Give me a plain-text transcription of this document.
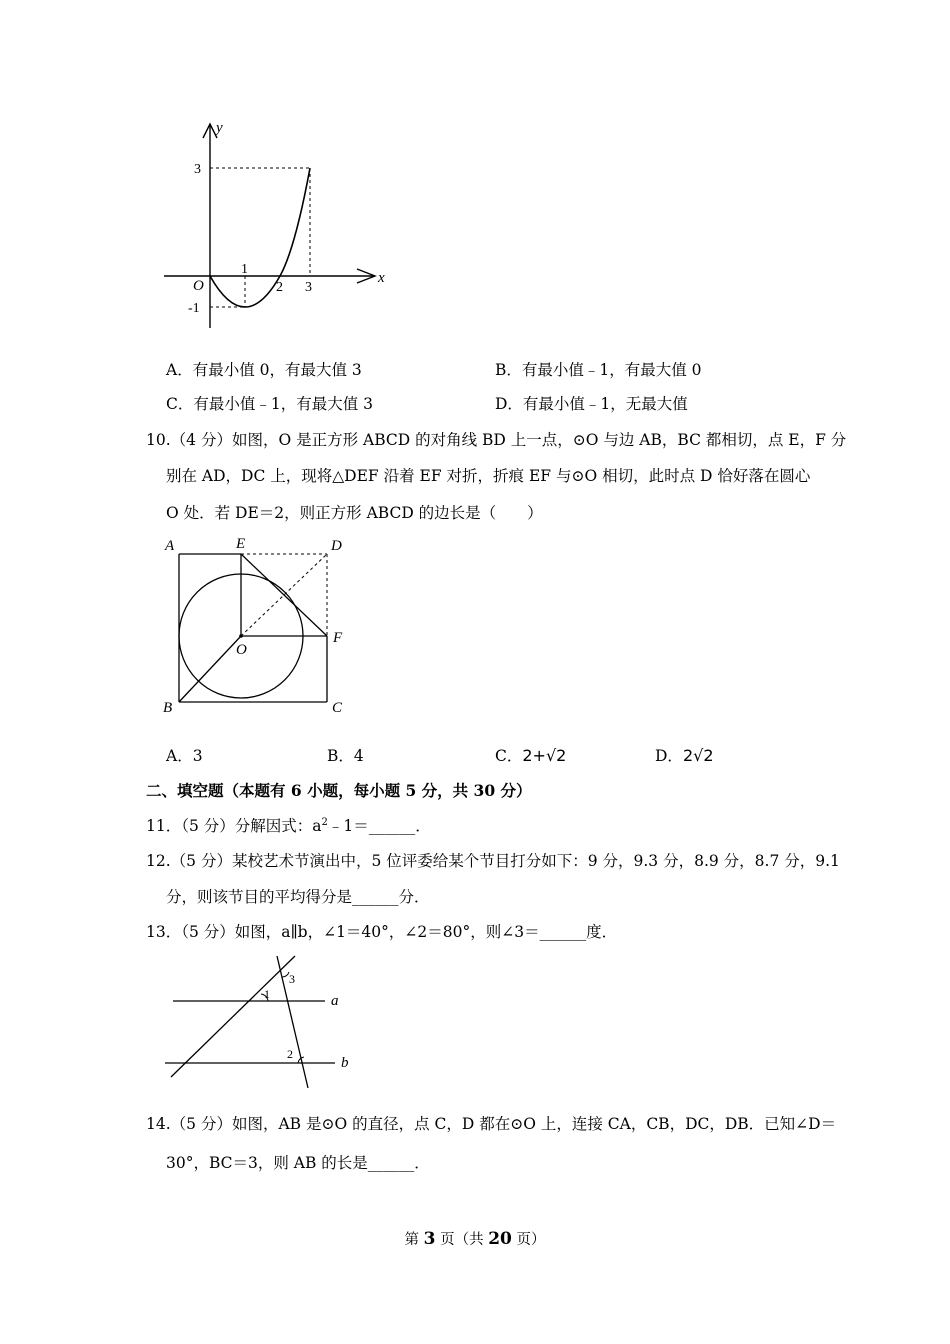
y
x
O
3
-1
1
2 3
A．有最小值 0，有最大值 3	B．有最小值﹣1，有最大值 0
C．有最小值﹣1，有最大值 3	D．有最小值﹣1，无最大值
10.（4 分）如图，O 是正方形 ABCD 的对角线 BD 上一点，⊙O 与边 AB，BC 都相切，点 E，F 分
别在 AD，DC 上，现将△DEF 沿着 EF 对折，折痕 EF 与⊙O 相切，此时点 D 恰好落在圆心
O 处．若 DE＝2，则正方形 ABCD 的边长是（　　）
A	E	D
F
O
B	C
A．3	B．4	C．2+√2	D．2√2
二、填空题（本题有 6 小题，每小题 5 分，共 30 分）
11．（5 分）分解因式：$a^2﹣1=\_\_\_\_\_\_$．
12.（5 分）某校艺术节演出中，5 位评委给某个节目打分如下：9 分，9.3 分，8.9 分，8.7 分，9.1
分，则该节目的平均得分是______分．
13．（5 分）如图，a∥b，∠1＝40°，∠2＝80°，则∠3＝______度．
1
2
3
a
b
14.（5 分）如图，AB 是⊙O 的直径，点 C，D 都在⊙O 上，连接 CA，CB，DC，DB．已知∠D＝
30°，BC＝3，则 AB 的长是______．
第 3 页（共 20 页）
